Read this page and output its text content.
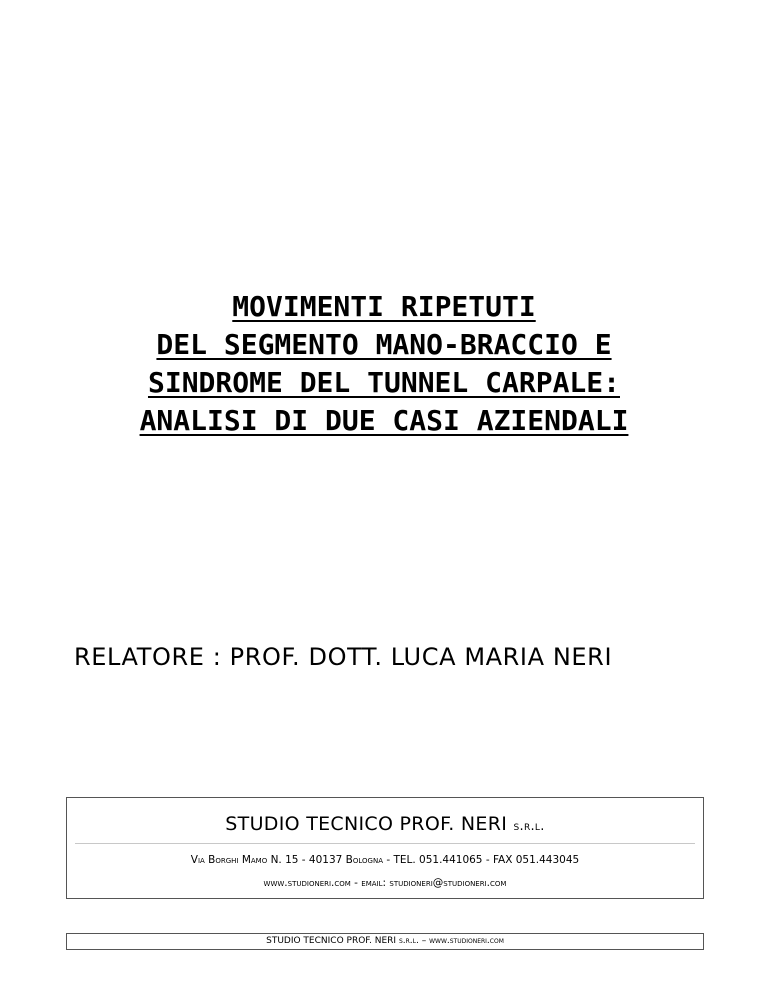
MOVIMENTI RIPETUTI
DEL SEGMENTO MANO-BRACCIO E
SINDROME DEL TUNNEL CARPALE:
ANALISI DI DUE CASI AZIENDALI
RELATORE : PROF. DOTT. LUCA MARIA NERI
STUDIO TECNICO PROF. NERI s.r.l.
Via Borghi Mamo N. 15 - 40137 Bologna - TEL. 051.441065 - FAX 051.443045
www.studioneri.com - email: studioneri@studioneri.com
STUDIO TECNICO PROF. NERI s.r.l. – www.studioneri.com
